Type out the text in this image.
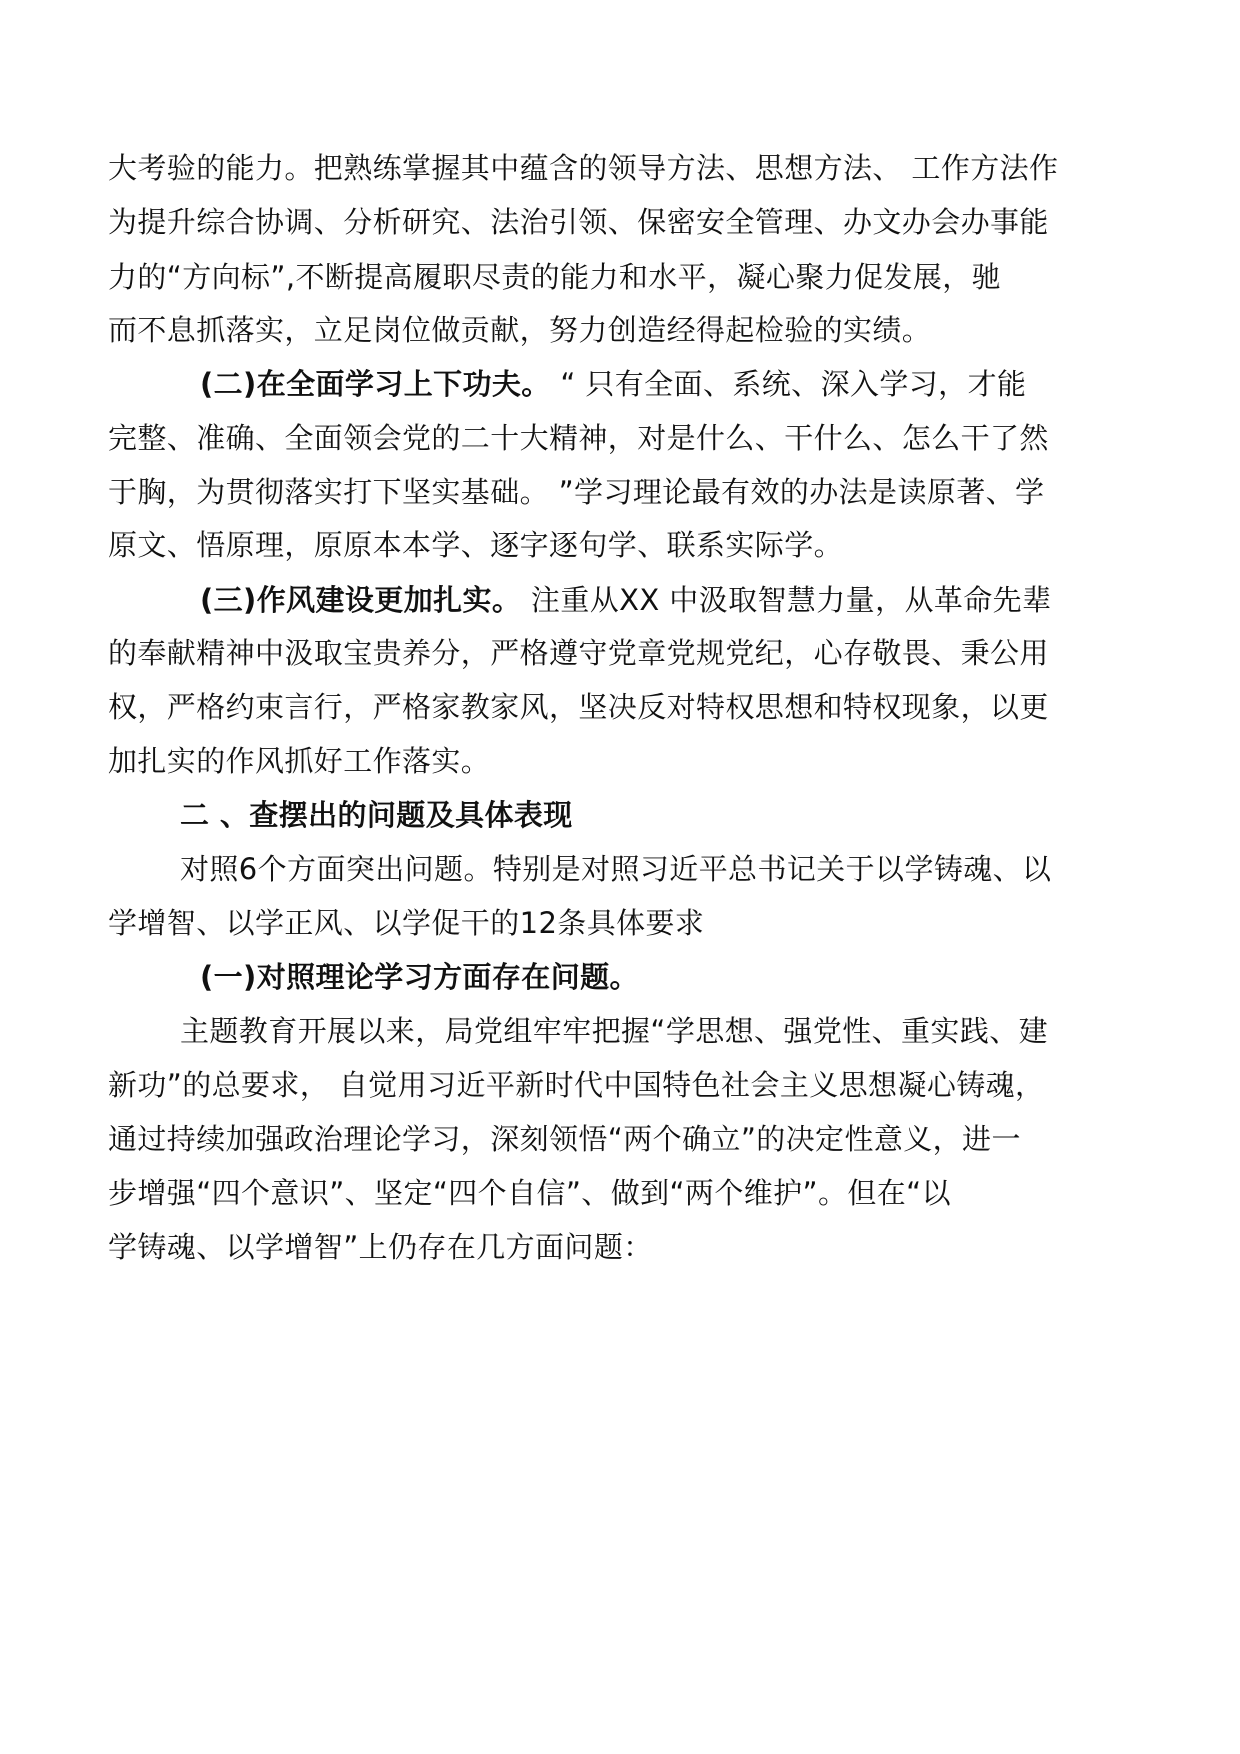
大考验的能力。把熟练掌握其中蕴含的领导方法、思想方法、 工作方法作
为提升综合协调、分析研究、法治引领、保密安全管理、办文办会办事能
力的“方向标”,不断提高履职尽责的能力和水平，凝心聚力促发展，驰
而不息抓落实，立足岗位做贡献，努力创造经得起检验的实绩。
(二)在全面学习上下功夫。 “ 只有全面、系统、深入学习，才能
完整、准确、全面领会党的二十大精神，对是什么、干什么、怎么干了然
于胸，为贯彻落实打下坚实基础。 ”学习理论最有效的办法是读原著、学
原文、悟原理，原原本本学、逐字逐句学、联系实际学。
(三)作风建设更加扎实。 注重从XX 中汲取智慧力量，从革命先辈
的奉献精神中汲取宝贵养分，严格遵守党章党规党纪，心存敬畏、秉公用
权，严格约束言行，严格家教家风，坚决反对特权思想和特权现象，以更
加扎实的作风抓好工作落实。
二 、查摆出的问题及具体表现
对照6个方面突出问题。特别是对照习近平总书记关于以学铸魂、以
学增智、以学正风、以学促干的12条具体要求
(一)对照理论学习方面存在问题。
主题教育开展以来，局党组牢牢把握“学思想、强党性、重实践、建
新功”的总要求， 自觉用习近平新时代中国特色社会主义思想凝心铸魂，
通过持续加强政治理论学习，深刻领悟“两个确立”的决定性意义，进一
步增强“四个意识”、坚定“四个自信”、做到“两个维护”。但在“以
学铸魂、以学增智”上仍存在几方面问题：
